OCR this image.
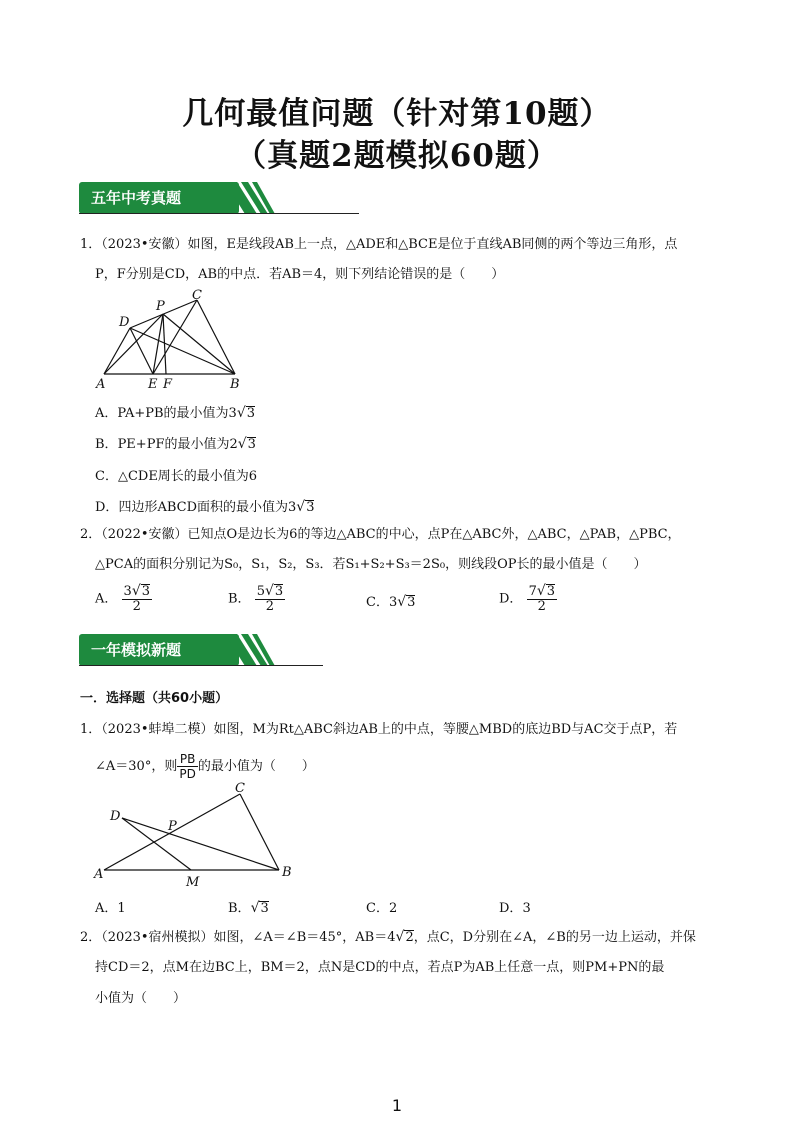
几何最值问题（针对第10题）
（真题2题模拟60题）
五年中考真题
1．（2023•安徽）如图，E是线段AB上一点，△ADE和△BCE是位于直线AB同侧的两个等边三角形，点
P，F分别是CD，AB的中点．若AB＝4，则下列结论错误的是（　　）
D
P
C
A	E F	B
A．PA+PB的最小值为3√3
B．PE+PF的最小值为2√3
C．△CDE周长的最小值为6
D．四边形ABCD面积的最小值为3√3
2．（2022•安徽）已知点O是边长为6的等边△ABC的中心，点P在△ABC外，△ABC，△PAB，△PBC，
△PCA的面积分别记为S₀，S₁，S₂，S₃．若S₁+S₂+S₃＝2S₀，则线段OP长的最小值是（　　）
A． $\frac{3√3}{2}$	B． $\frac{5√3}{2}$	C．3√3	D． $\frac{7√3}{2}$
一年模拟新题
一．选择题（共60小题）
1．（2023•蚌埠二模）如图，M为Rt△ABC斜边AB上的中点，等腰△MBD的底边BD与AC交于点P，若
∠A＝30°，则 $\frac{PB}{PD}$ 的最小值为（　　）
C
D
P
A
M
B
A．1	B．√3	C．2	D．3
2．（2023•宿州模拟）如图，∠A＝∠B＝45°，AB＝4√2，点C，D分别在∠A，∠B的另一边上运动，并保
持CD＝2，点M在边BC上，BM＝2，点N是CD的中点，若点P为AB上任意一点，则PM+PN的最
小值为（　　）
1
